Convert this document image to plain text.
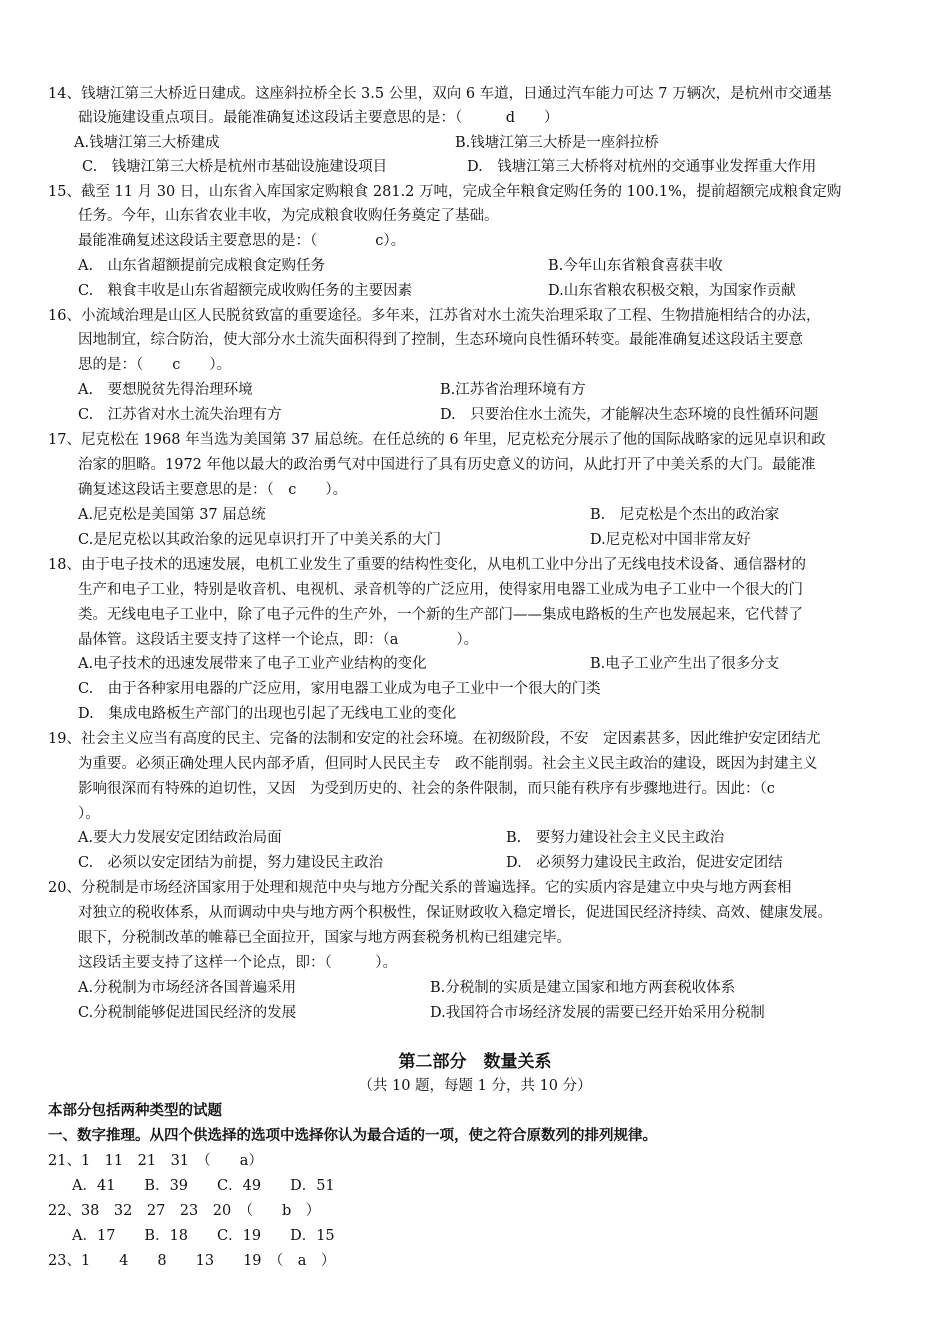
14、钱塘江第三大桥近日建成。这座斜拉桥全长 3.5 公里，双向 6 车道，日通过汽车能力可达 7 万辆次，是杭州市交通基
础设施建设重点项目。最能准确复述这段话主要意思的是：（　　　d　　）
A.钱塘江第三大桥建成	B.钱塘江第三大桥是一座斜拉桥
C.　钱塘江第三大桥是杭州市基础设施建设项目	D.　钱塘江第三大桥将对杭州的交通事业发挥重大作用
15、截至 11 月 30 日，山东省入库国家定购粮食 281.2 万吨，完成全年粮食定购任务的 100.1%，提前超额完成粮食定购
任务。今年，山东省农业丰收，为完成粮食收购任务奠定了基础。
最能准确复述这段话主要意思的是：（　　　　c）。
A.　山东省超额提前完成粮食定购任务	B.今年山东省粮食喜获丰收
C.　粮食丰收是山东省超额完成收购任务的主要因素	D.山东省粮农积极交粮，为国家作贡献
16、小流域治理是山区人民脱贫致富的重要途径。多年来，江苏省对水土流失治理采取了工程、生物措施相结合的办法，
因地制宜，综合防治，使大部分水土流失面积得到了控制，生态环境向良性循环转变。最能准确复述这段话主要意
思的是：（　　c　　）。
A.　要想脱贫先得治理环境	B.江苏省治理环境有方
C.　江苏省对水土流失治理有方	D.　只要治住水土流失，才能解决生态环境的良性循环问题
17、尼克松在 1968 年当选为美国第 37 届总统。在任总统的 6 年里，尼克松充分展示了他的国际战略家的远见卓识和政
治家的胆略。1972 年他以最大的政治勇气对中国进行了具有历史意义的访问，从此打开了中美关系的大门。最能准
确复述这段话主要意思的是：（　c　　）。
A.尼克松是美国第 37 届总统	B.　尼克松是个杰出的政治家
C.是尼克松以其政治象的远见卓识打开了中美关系的大门	D.尼克松对中国非常友好
18、由于电子技术的迅速发展，电机工业发生了重要的结构性变化，从电机工业中分出了无线电技术设备、通信器材的
生产和电子工业，特别是收音机、电视机、录音机等的广泛应用，使得家用电器工业成为电子工业中一个很大的门
类。无线电电子工业中，除了电子元件的生产外，一个新的生产部门——集成电路板的生产也发展起来，它代替了
晶体管。这段话主要支持了这样一个论点，即：（a　　　　）。
A.电子技术的迅速发展带来了电子工业产业结构的变化	B.电子工业产生出了很多分支
C.　由于各种家用电器的广泛应用，家用电器工业成为电子工业中一个很大的门类
D.　集成电路板生产部门的出现也引起了无线电工业的变化
19、社会主义应当有高度的民主、完备的法制和安定的社会环境。在初级阶段，不安　定因素甚多，因此维护安定团结尤
为重要。必须正确处理人民内部矛盾，但同时人民民主专　政不能削弱。社会主义民主政治的建设，既因为封建主义
影响很深而有特殊的迫切性，又因　为受到历史的、社会的条件限制，而只能有秩序有步骤地进行。因此：（c
）。
A.要大力发展安定团结政治局面	B.　要努力建设社会主义民主政治
C.　必须以安定团结为前提，努力建设民主政治	D.　必须努力建设民主政治，促进安定团结
20、分税制是市场经济国家用于处理和规范中央与地方分配关系的普遍选择。它的实质内容是建立中央与地方两套相
对独立的税收体系，从而调动中央与地方两个积极性，保证财政收入稳定增长，促进国民经济持续、高效、健康发展。
眼下，分税制改革的帷幕已全面拉开，国家与地方两套税务机构已组建完毕。
这段话主要支持了这样一个论点，即：（　　　）。
A.分税制为市场经济各国普遍采用	B.分税制的实质是建立国家和地方两套税收体系
C.分税制能够促进国民经济的发展	D.我国符合市场经济发展的需要已经开始采用分税制
第二部分　数量关系
（共 10 题，每题 1 分，共 10 分）
本部分包括两种类型的试题
一、数字推理。从四个供选择的选项中选择你认为最合适的一项，使之符合原数列的排列规律。
21、1　11　21　31　（　　a）
A．41　　B．39　　C．49　　D．51
22、38　32　27　23　20　（　　b　）
A．17　　B．18　　C．19　　D．15
23、1　　4　　8　　13　　19　（　a　）
